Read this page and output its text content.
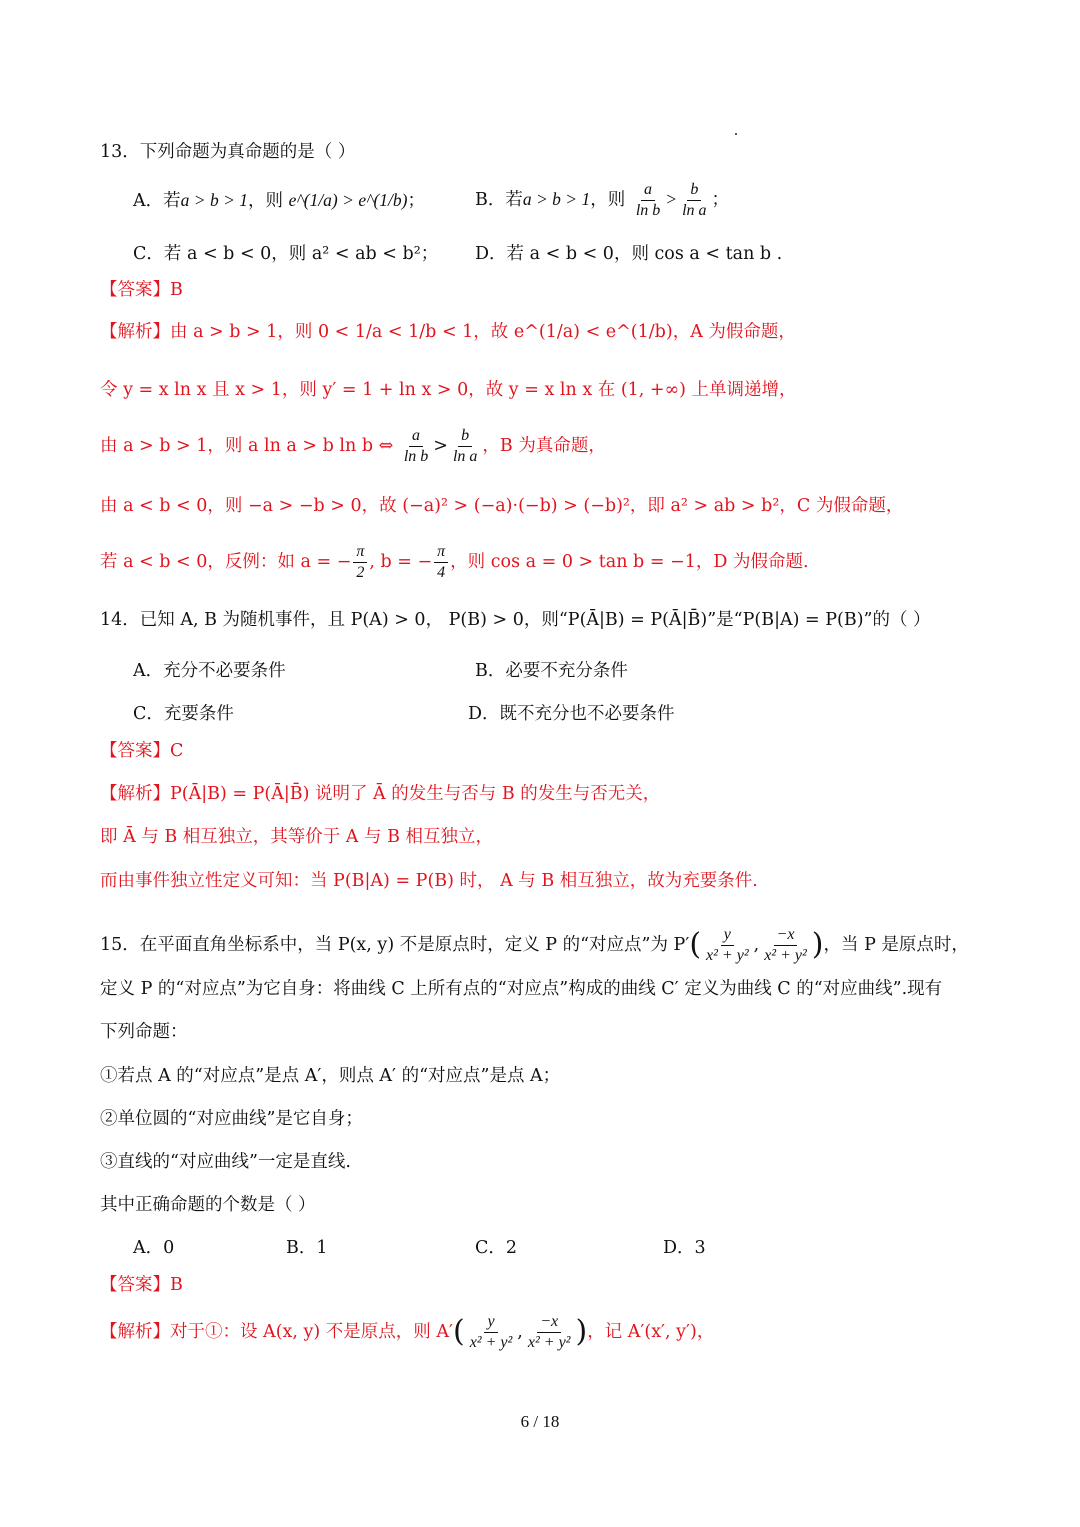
13．下列命题为真命题的是（ ）
A．若a > b > 1，则 e^(1/a) > e^(1/b)；	B．若a > b > 1，则 $\frac{a}{\text{ln b}} > \frac{b}{\text{ln a}}$ ；
C．若 a < b < 0，则 a² < ab < b²； D．若 a < b < 0，则 cos a < tan b .
【答案】B
【解析】由 a > b > 1，则 0 < 1/a < 1/b < 1，故 e^(1/a) < e^(1/b)，A 为假命题，
令 y = x ln x 且 x > 1，则 y′ = 1 + ln x > 0，故 y = x ln x 在 (1, +∞) 上单调递增，
由 a > b > 1，则 a ln a > b ln b ⇔ $\frac{a}{\text{ln b}} > \frac{b}{\text{ln a}}$ ，B 为真命题，
由 a < b < 0，则 −a > −b > 0，故 (−a)² > (−a)·(−b) > (−b)²，即 a² > ab > b²，C 为假命题，
若 a < b < 0，反例：如 a = − $\frac{\pi}{2}$ , b = − $\frac{\pi}{4}$ ，则 cos a = 0 > tan b = −1，D 为假命题.
14．已知 A, B 为随机事件，且 P(A) > 0， P(B) > 0，则“P(Ā|B) = P(Ā|B̄)”是“P(B|A) = P(B)”的（ ）
A．充分不必要条件	B．必要不充分条件
C．充要条件	D．既不充分也不必要条件
【答案】C
【解析】P(Ā|B) = P(Ā|B̄) 说明了 Ā 的发生与否与 B 的发生与否无关，
即 Ā 与 B 相互独立，其等价于 A 与 B 相互独立，
而由事件独立性定义可知：当 P(B|A) = P(B) 时， A 与 B 相互独立，故为充要条件.
15．在平面直角坐标系中，当 P(x, y) 不是原点时，定义 P 的“对应点”为 $P'( \frac{y}{\text{x² + y²}}$ , $\frac{-x}{\text{x² + y²}}$ )，当 P 是原点时，
定义 P 的“对应点”为它自身：将曲线 C 上所有点的“对应点”构成的曲线 C′ 定义为曲线 C 的“对应曲线”.现有
下列命题：
①若点 A 的“对应点”是点 A′，则点 A′ 的“对应点”是点 A；
②单位圆的“对应曲线”是它自身；
③直线的“对应曲线”一定是直线.
其中正确命题的个数是（ ）
A．0	B．1	C．2	D．3
【答案】B
【解析】对于①：设 A(x, y) 不是原点，则 $A'( \frac{y}{\text{x² + y²}}$ , $\frac{-x}{\text{x² + y²}}$ )，记 A′(x′, y′)，
6 / 18
